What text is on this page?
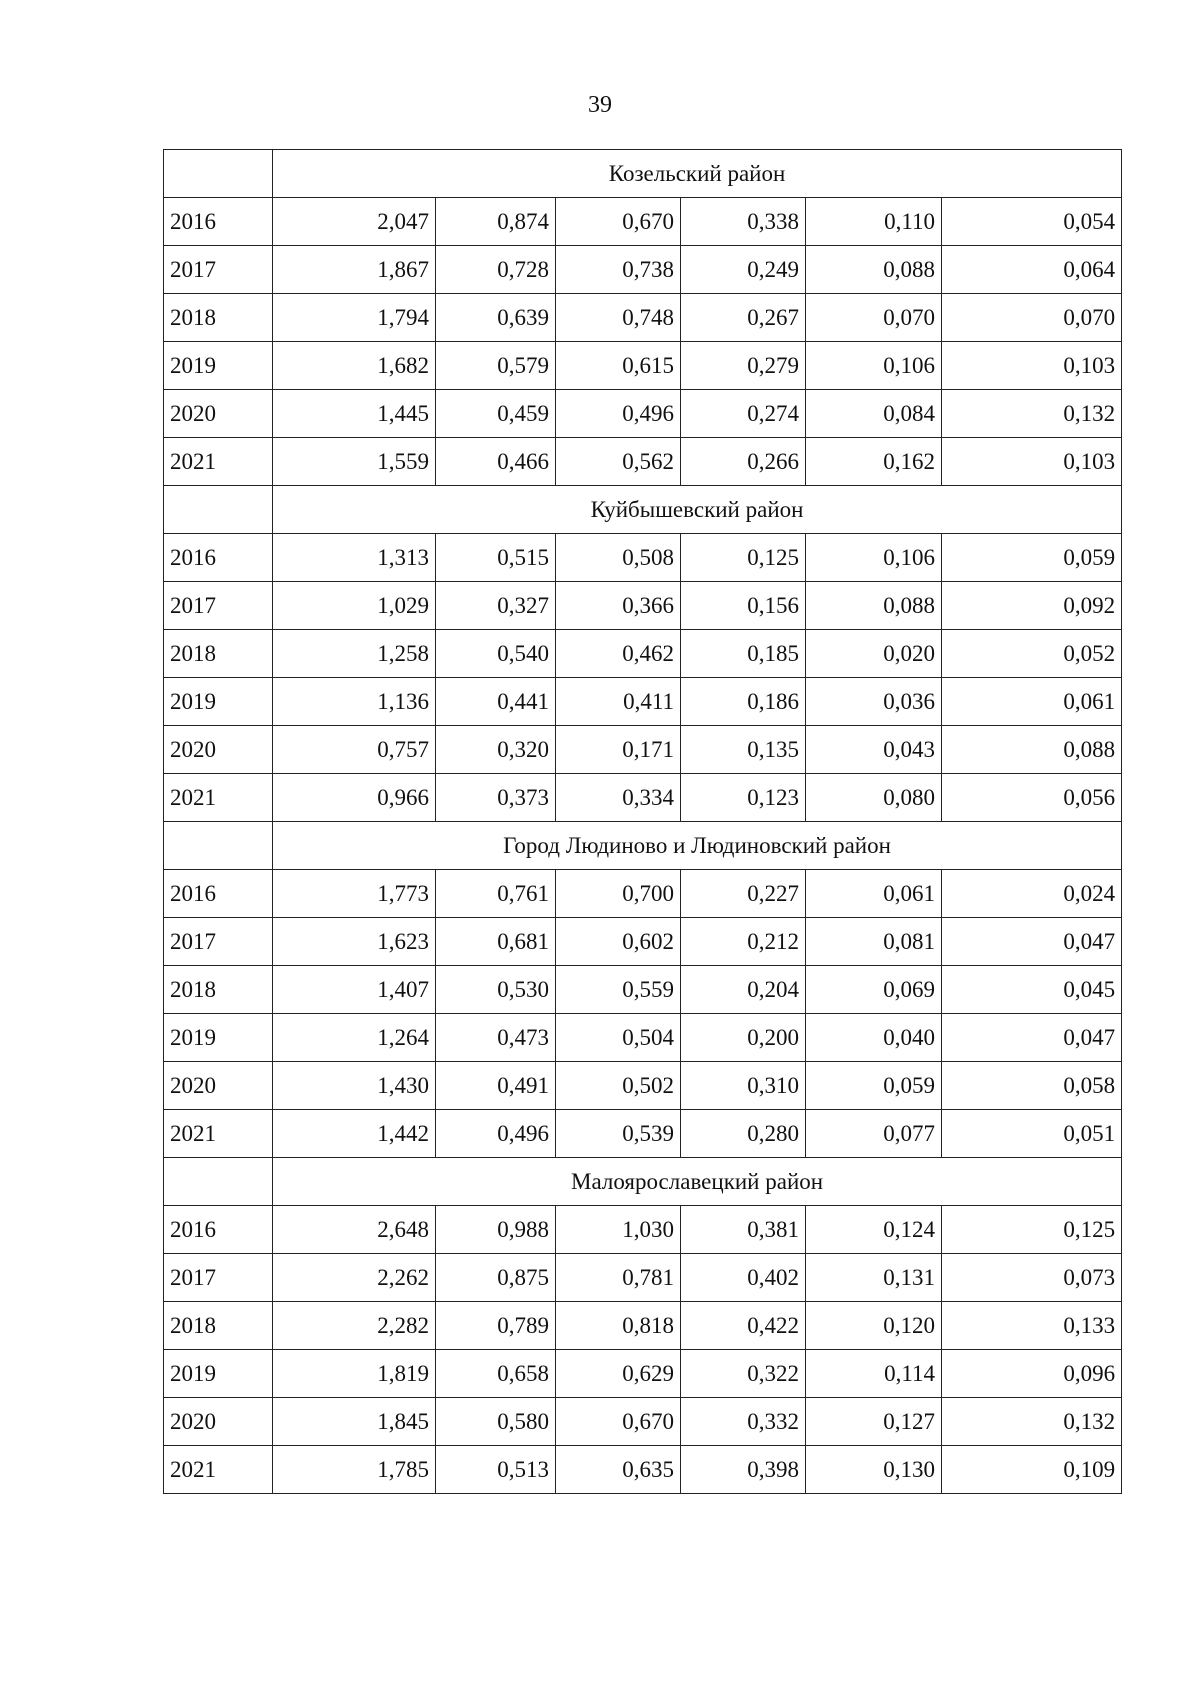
39
	Козельский район					
2016	2,047	0,874	0,670	0,338	0,110	0,054
2017	1,867	0,728	0,738	0,249	0,088	0,064
2018	1,794	0,639	0,748	0,267	0,070	0,070
2019	1,682	0,579	0,615	0,279	0,106	0,103
2020	1,445	0,459	0,496	0,274	0,084	0,132
2021	1,559	0,466	0,562	0,266	0,162	0,103
	Куйбышевский район					
2016	1,313	0,515	0,508	0,125	0,106	0,059
2017	1,029	0,327	0,366	0,156	0,088	0,092
2018	1,258	0,540	0,462	0,185	0,020	0,052
2019	1,136	0,441	0,411	0,186	0,036	0,061
2020	0,757	0,320	0,171	0,135	0,043	0,088
2021	0,966	0,373	0,334	0,123	0,080	0,056
	Город Людиново и Людиновский район					
2016	1,773	0,761	0,700	0,227	0,061	0,024
2017	1,623	0,681	0,602	0,212	0,081	0,047
2018	1,407	0,530	0,559	0,204	0,069	0,045
2019	1,264	0,473	0,504	0,200	0,040	0,047
2020	1,430	0,491	0,502	0,310	0,059	0,058
2021	1,442	0,496	0,539	0,280	0,077	0,051
	Малоярославецкий район					
2016	2,648	0,988	1,030	0,381	0,124	0,125
2017	2,262	0,875	0,781	0,402	0,131	0,073
2018	2,282	0,789	0,818	0,422	0,120	0,133
2019	1,819	0,658	0,629	0,322	0,114	0,096
2020	1,845	0,580	0,670	0,332	0,127	0,132
2021	1,785	0,513	0,635	0,398	0,130	0,109
